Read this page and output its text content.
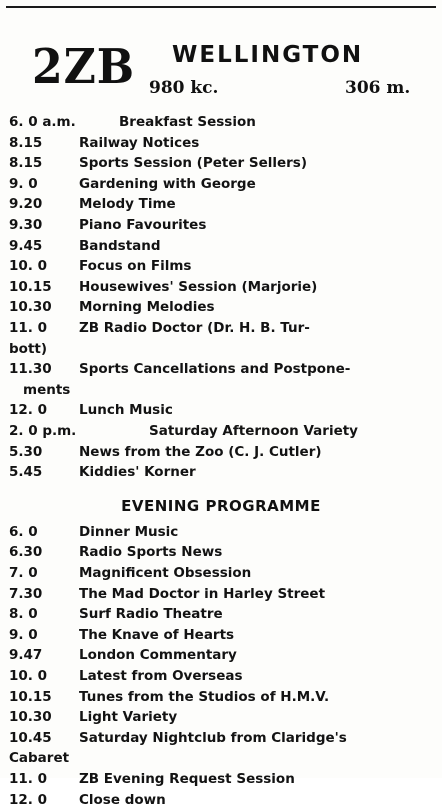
2ZB WELLINGTON
980 kc.	306 m.
6. 0 a.m.	Breakfast Session
8.15	Railway Notices
8.15	Sports Session (Peter Sellers)
9. 0	Gardening with George
9.20	Melody Time
9.30	Piano Favourites
9.45	Bandstand
10. 0 Focus on Films
10.15 Housewives' Session (Marjorie)
10.30 Morning Melodies
11. 0 ZB Radio Doctor (Dr. H. B. Tur-
bott)
11.30 Sports Cancellations and Postpone-
ments
12. 0 Lunch Music
2. 0 p.m.	Saturday Afternoon Variety
5.30	News from the Zoo (C. J. Cutler)
5.45	Kiddies' Korner
EVENING PROGRAMME
6. 0	Dinner Music
6.30	Radio Sports News
7. 0	Magnificent Obsession
7.30	The Mad Doctor in Harley Street
8. 0	Surf Radio Theatre
9. 0	The Knave of Hearts
9.47	London Commentary
10. 0 Latest from Overseas
10.15 Tunes from the Studios of H.M.V.
10.30 Light Variety
10.45 Saturday Nightclub from Claridge's
Cabaret
11. 0 ZB Evening Request Session
12. 0 Close down
